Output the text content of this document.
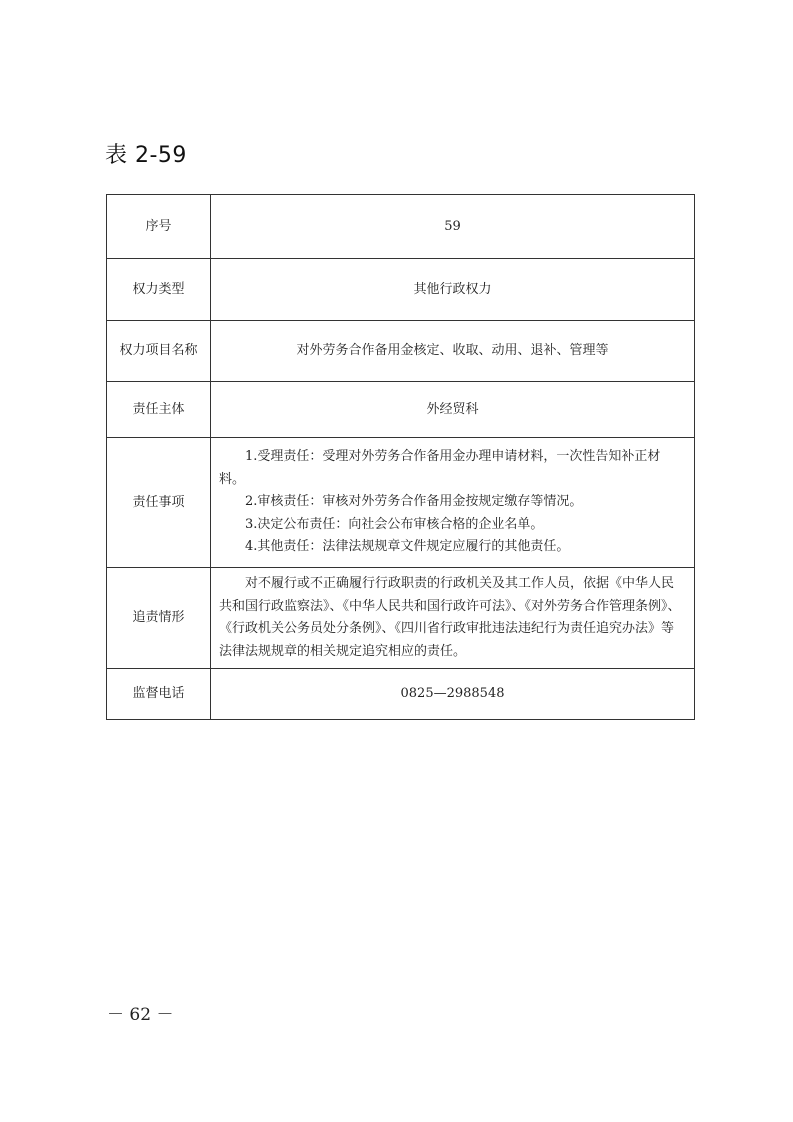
表 2-59
序号	59
权力类型	其他行政权力
权力项目名称	对外劳务合作备用金核定、收取、动用、退补、管理等
责任主体	外经贸科
责任事项	1.受理责任：受理对外劳务合作备用金办理申请材料，一次性告知补正材料。

2.审核责任：审核对外劳务合作备用金按规定缴存等情况。

3.决定公布责任：向社会公布审核合格的企业名单。

4.其他责任：法律法规规章文件规定应履行的其他责任。

追责情形	对不履行或不正确履行行政职责的行政机关及其工作人员，依据《中华人民共和国行政监察法》、《中华人民共和国行政许可法》、《对外劳务合作管理条例》、《行政机关公务员处分条例》、《四川省行政审批违法违纪行为责任追究办法》等法律法规规章的相关规定追究相应的责任。

监督电话	0825—2988548
－ 62 －
